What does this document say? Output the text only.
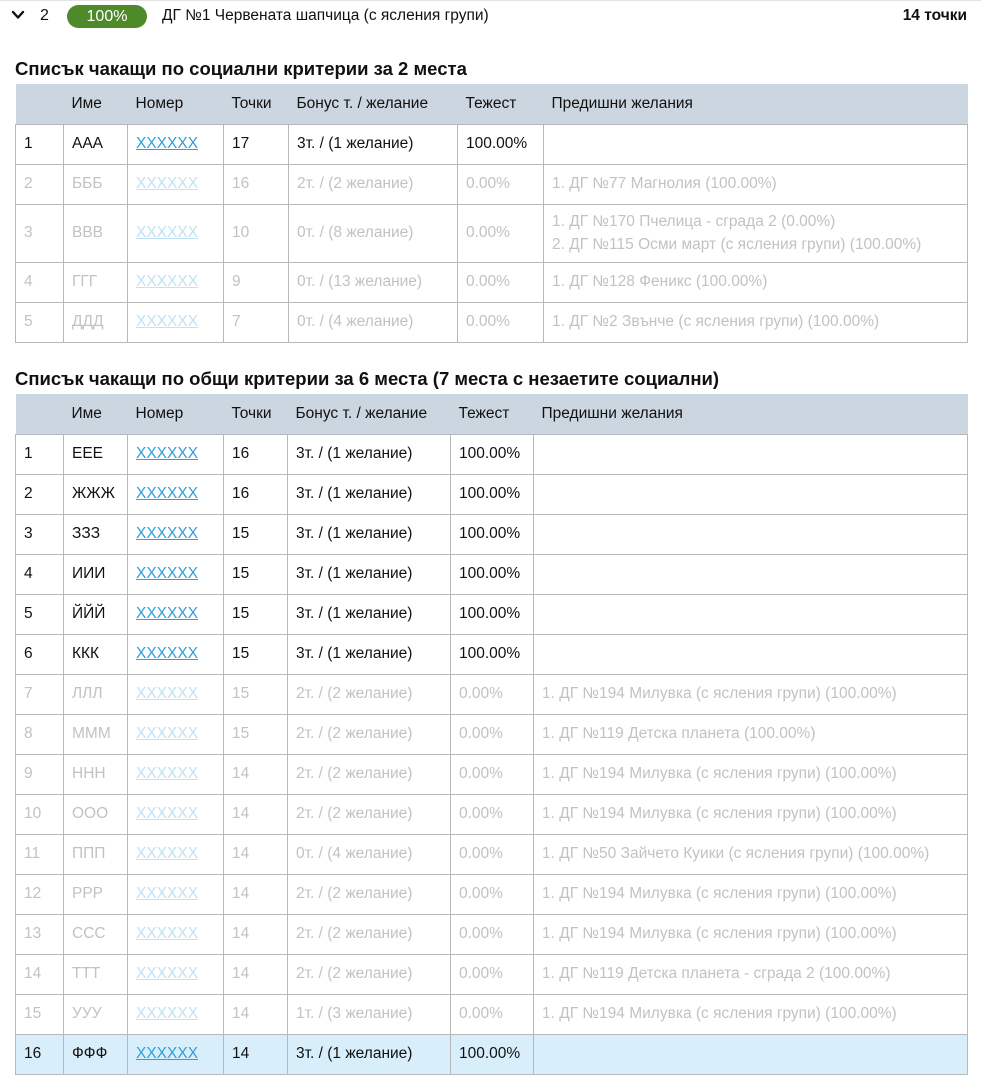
2	100%	ДГ №1 Червената шапчица (с ясления групи)	14 точки
Списък чакащи по социални критерии за 2 места
	Име	Номер	Точки	Бонус т. / желание	Тежест	Предишни желания
1	ААА	XXXXXX	17	3т. / (1 желание)	100.00%	
2	БББ	XXXXXX	16	2т. / (2 желание)	0.00%	1. ДГ №77 Магнолия (100.00%)

3	ВВВ	XXXXXX	10	0т. / (8 желание)	0.00%	1. ДГ №170 Пчелица - сграда 2 (0.00%)
2. ДГ №115 Осми март (с ясления групи) (100.00%)

4	ГГГ	XXXXXX	9	0т. / (13 желание)	0.00%	1. ДГ №128 Феникс (100.00%)

5	ДДД	XXXXXX	7	0т. / (4 желание)	0.00%	1. ДГ №2 Звънче (с ясления групи) (100.00%)
Списък чакащи по общи критерии за 6 места (7 места с незаетите социални)
	Име	Номер	Точки	Бонус т. / желание	Тежест	Предишни желания
1	ЕЕЕ	XXXXXX	16	3т. / (1 желание)	100.00%	
2	ЖЖЖ	XXXXXX	16	3т. / (1 желание)	100.00%	
3	ЗЗЗ	XXXXXX	15	3т. / (1 желание)	100.00%	
4	ИИИ	XXXXXX	15	3т. / (1 желание)	100.00%	
5	ЙЙЙ	XXXXXX	15	3т. / (1 желание)	100.00%	
6	ККК	XXXXXX	15	3т. / (1 желание)	100.00%	
7	ЛЛЛ	XXXXXX	15	2т. / (2 желание)	0.00%	1. ДГ №194 Милувка (с ясления групи) (100.00%)

8	МММ	XXXXXX	15	2т. / (2 желание)	0.00%	1. ДГ №119 Детска планета (100.00%)

9	ННН	XXXXXX	14	2т. / (2 желание)	0.00%	1. ДГ №194 Милувка (с ясления групи) (100.00%)

10	ООО	XXXXXX	14	2т. / (2 желание)	0.00%	1. ДГ №194 Милувка (с ясления групи) (100.00%)

11	ППП	XXXXXX	14	0т. / (4 желание)	0.00%	1. ДГ №50 Зайчето Куики (с ясления групи) (100.00%)

12	РРР	XXXXXX	14	2т. / (2 желание)	0.00%	1. ДГ №194 Милувка (с ясления групи) (100.00%)

13	ССС	XXXXXX	14	2т. / (2 желание)	0.00%	1. ДГ №194 Милувка (с ясления групи) (100.00%)

14	ТТТ	XXXXXX	14	2т. / (2 желание)	0.00%	1. ДГ №119 Детска планета - сграда 2 (100.00%)

15	УУУ	XXXXXX	14	1т. / (3 желание)	0.00%	1. ДГ №194 Милувка (с ясления групи) (100.00%)

16	ФФФ	XXXXXX	14	3т. / (1 желание)	100.00%	
